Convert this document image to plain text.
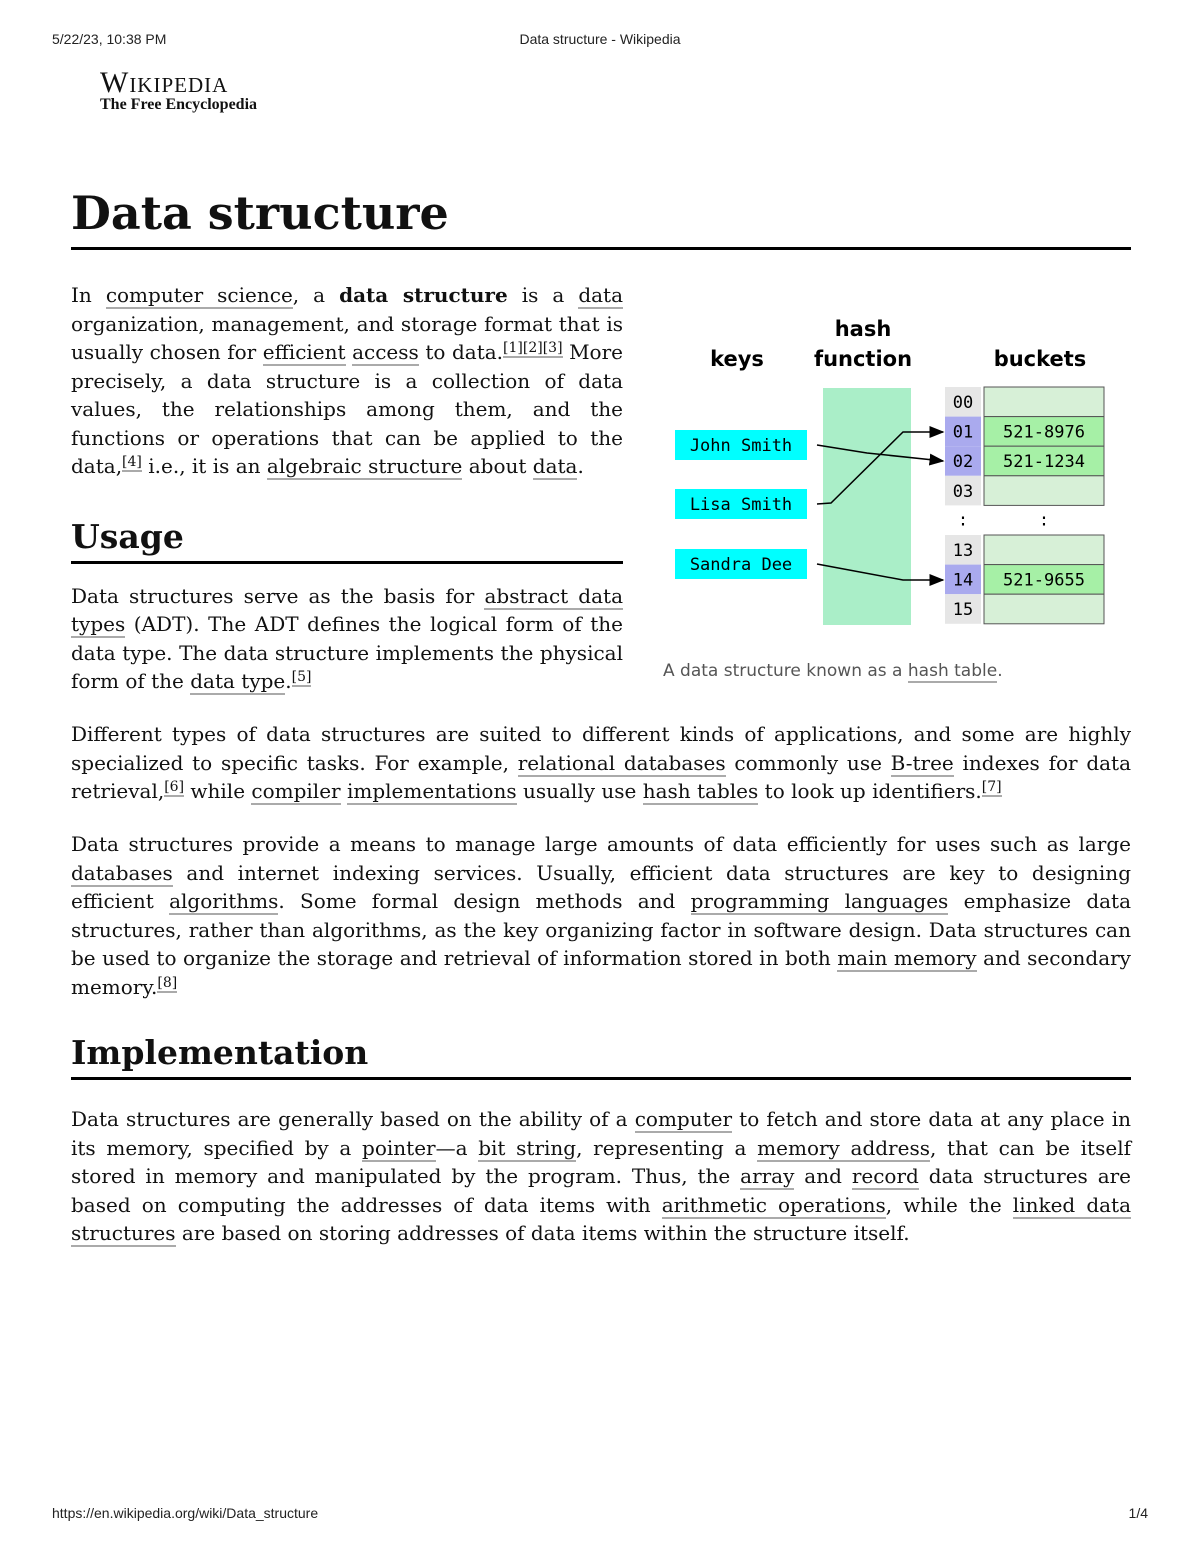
5/22/23, 10:38 PM	Data structure - Wikipedia
Wikipedia
The Free Encyclopedia
Data structure

In computer science, a data structure is a data organization, management, and storage format that is usually chosen for efficient access to data.[1][2][3] More precisely, a data structure is a collection of data values, the relationships among them, and the functions or operations that can be applied to the data,[4] i.e., it is an algebraic structure about data.

Usage

Data structures serve as the basis for abstract data types (ADT). The ADT defines the logical form of the data type. The data structure implements the physical form of the data type.[5]

keys
hash
function	buckets
John Smith
Lisa Smith
Sandra Dee
00
01 521-8976
02 521-1234
03
:	:
13
14 521-9655
15
A data structure known as a hash table.

Different types of data structures are suited to different kinds of applications, and some are highly specialized to specific tasks. For example, relational databases commonly use B-tree indexes for data retrieval,[6] while compiler implementations usually use hash tables to look up identifiers.[7]

Data structures provide a means to manage large amounts of data efficiently for uses such as large databases and internet indexing services. Usually, efficient data structures are key to designing efficient algorithms. Some formal design methods and programming languages emphasize data structures, rather than algorithms, as the key organizing factor in software design. Data structures can be used to organize the storage and retrieval of information stored in both main memory and secondary memory.[8]

Implementation

Data structures are generally based on the ability of a computer to fetch and store data at any place in its memory, specified by a pointer—a bit string, representing a memory address, that can be itself stored in memory and manipulated by the program. Thus, the array and record data structures are based on computing the addresses of data items with arithmetic operations, while the linked data structures are based on storing addresses of data items within the structure itself.

https://en.wikipedia.org/wiki/Data_structure	1/4
